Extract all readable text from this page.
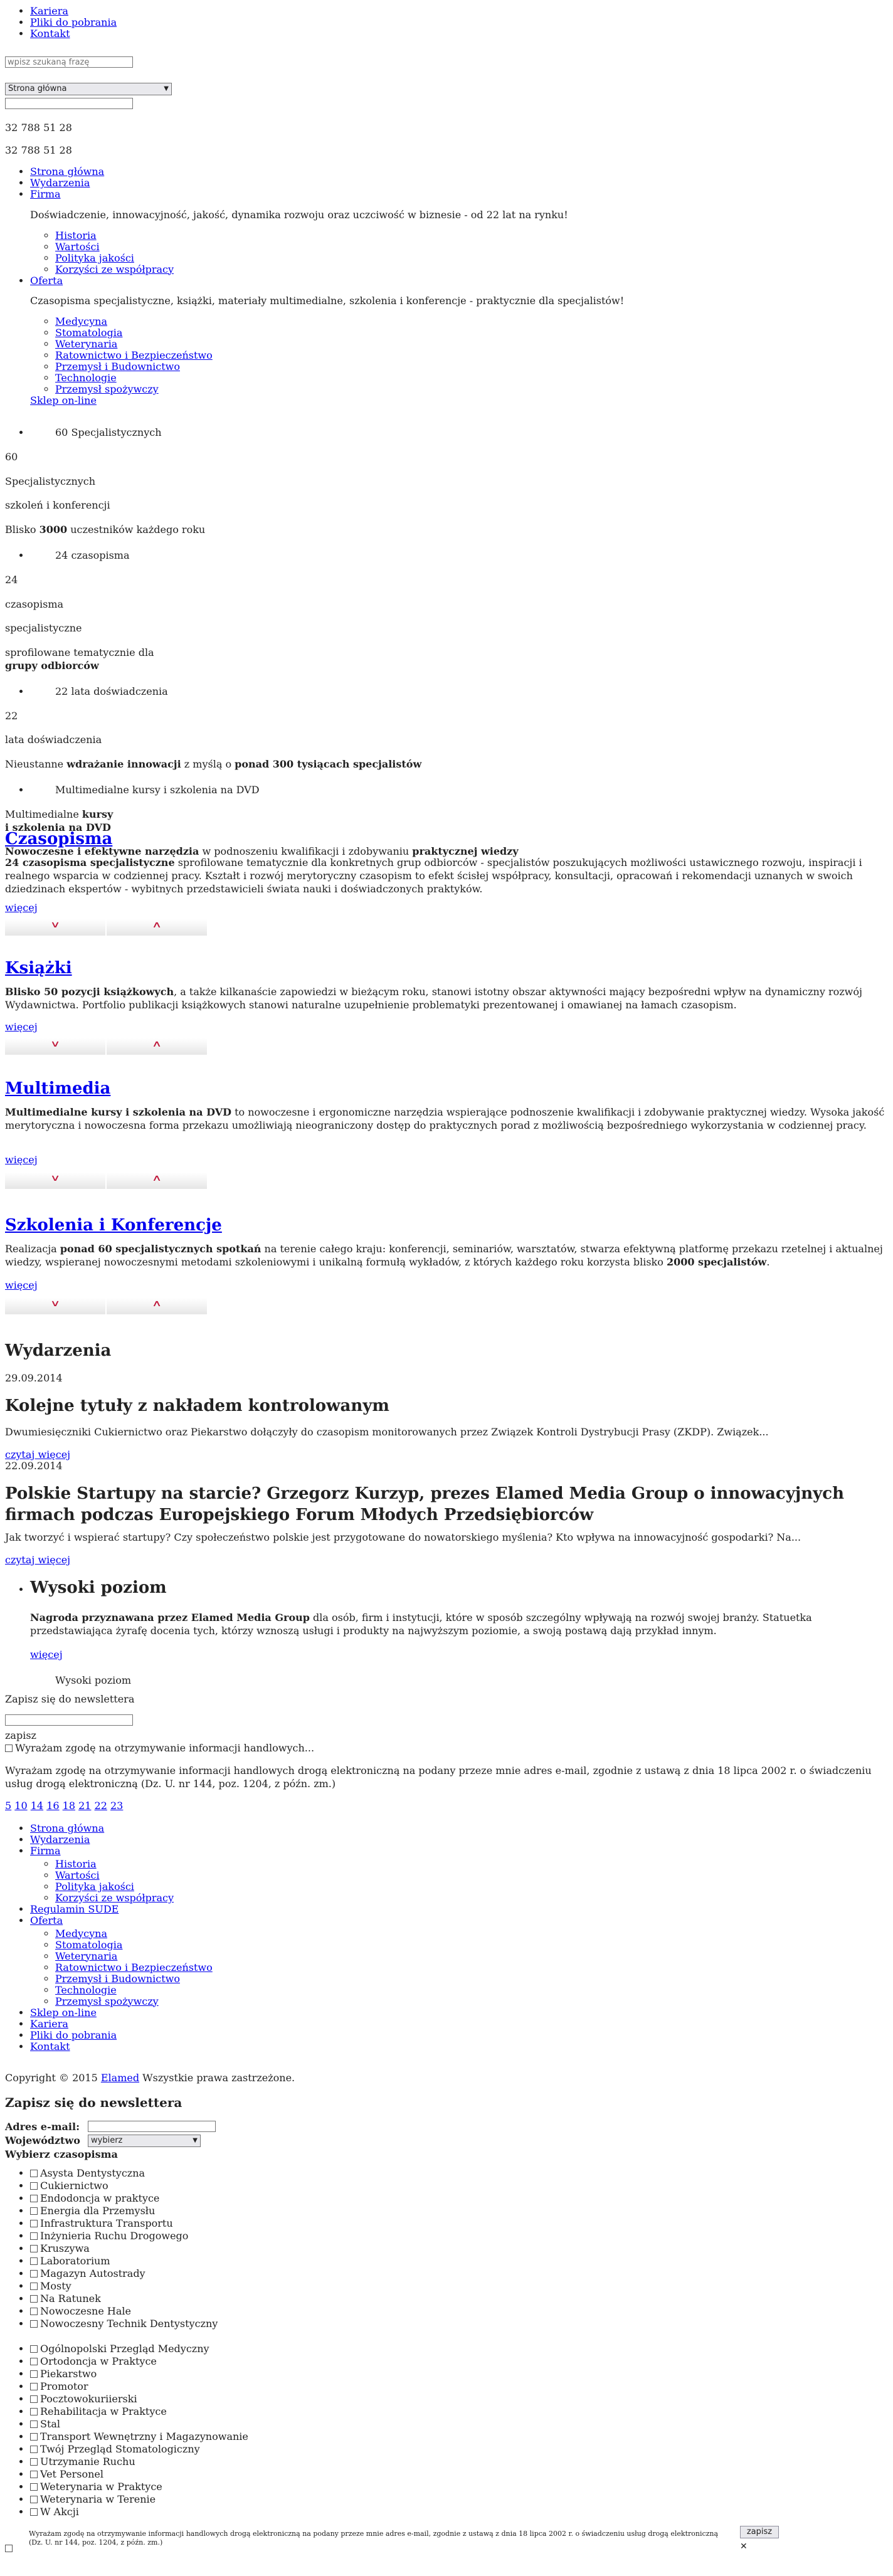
• Kariera
• Pliki do pobrania
• Kontakt
wpisz szukaną frazę
Strona główna	▼
32 788 51 28
32 788 51 28
• Strona główna
• Wydarzenia
• Firma

Doświadczenie, innowacyjność, jakość, dynamika rozwoju oraz uczciwość w biznesie - od 22 lat na rynku!

◦ Historia
◦ Wartości
◦ Polityka jakości
◦ Korzyści ze współpracy
• Oferta

Czasopisma specjalistyczne, książki, materiały multimedialne, szkolenia i konferencje - praktycznie dla specjalistów!

◦ Medycyna
◦ Stomatologia
◦ Weterynaria
◦ Ratownictwo i Bezpieczeństwo
◦ Przemysł i Budownictwo
◦ Technologie
◦ Przemysł spożywczy
Sklep on-line
• 60 Specjalistycznych
60
Specjalistycznych
szkoleń i konferencji
Blisko 3000 uczestników każdego roku
• 24 czasopisma
24
czasopisma
specjalistyczne
sprofilowane tematycznie dla
grupy odbiorców
• 22 lata doświadczenia
22
lata doświadczenia
Nieustanne wdrażanie innowacji z myślą o ponad 300 tysiącach specjalistów
• Multimedialne kursy i szkolenia na DVD
Multimedialne kursy
i szkolenia na DVD
Nowoczesne i efektywne narzędzia w podnoszeniu kwalifikacji i zdobywaniu praktycznej wiedzy
Czasopisma
24 czasopisma specjalistyczne sprofilowane tematycznie dla konkretnych grup odbiorców - specjalistów poszukujących możliwości ustawicznego rozwoju, inspiracji i realnego wsparcia w codziennej pracy. Kształt i rozwój merytoryczny czasopism to efekt ścisłej współpracy, konsultacji, opracowań i rekomendacji uznanych w swoich dziedzinach ekspertów - wybitnych przedstawicieli świata nauki i doświadczonych praktyków.
więcej
∨	∧
Książki
Blisko 50 pozycji książkowych, a także kilkanaście zapowiedzi w bieżącym roku, stanowi istotny obszar aktywności mający bezpośredni wpływ na dynamiczny rozwój Wydawnictwa. Portfolio publikacji książkowych stanowi naturalne uzupełnienie problematyki prezentowanej i omawianej na łamach czasopism.
więcej
∨	∧
Multimedia
Multimedialne kursy i szkolenia na DVD to nowoczesne i ergonomiczne narzędzia wspierające podnoszenie kwalifikacji i zdobywanie praktycznej wiedzy. Wysoka jakość merytoryczna i nowoczesna forma przekazu umożliwiają nieograniczony dostęp do praktycznych porad z możliwością bezpośredniego wykorzystania w codziennej pracy.
więcej
∨	∧
Szkolenia i Konferencje
Realizacja ponad 60 specjalistycznych spotkań na terenie całego kraju: konferencji, seminariów, warsztatów, stwarza efektywną platformę przekazu rzetelnej i aktualnej wiedzy, wspieranej nowoczesnymi metodami szkoleniowymi i unikalną formułą wykładów, z których każdego roku korzysta blisko 2000 specjalistów.
więcej
∨	∧
Wydarzenia
29.09.2014
Kolejne tytuły z nakładem kontrolowanym
Dwumiesięczniki Cukiernictwo oraz Piekarstwo dołączyły do czasopism monitorowanych przez Związek Kontroli Dystrybucji Prasy (ZKDP). Związek...
czytaj więcej
22.09.2014
Polskie Startupy na starcie? Grzegorz Kurzyp, prezes Elamed Media Group o innowacyjnych firmach podczas Europejskiego Forum Młodych Przedsiębiorców
Jak tworzyć i wspierać startupy? Czy społeczeństwo polskie jest przygotowane do nowatorskiego myślenia? Kto wpływa na innowacyjność gospodarki? Na...
czytaj więcej
• Wysoki poziom
Nagroda przyznawana przez Elamed Media Group dla osób, firm i instytucji, które w sposób szczególny wpływają na rozwój swojej branży. Statuetka przedstawiająca żyrafę docenia tych, którzy wznoszą usługi i produkty na najwyższym poziomie, a swoją postawą dają przykład innym.
więcej
Wysoki poziom
Zapisz się do newslettera
zapisz
Wyrażam zgodę na otrzymywanie informacji handlowych...
Wyrażam zgodę na otrzymywanie informacji handlowych drogą elektroniczną na podany przeze mnie adres e-mail, zgodnie z ustawą z dnia 18 lipca 2002 r. o świadczeniu usług drogą elektroniczną (Dz. U. nr 144, poz. 1204, z późn. zm.)
5 10 14 16 18 21 22 23
• Strona główna
• Wydarzenia
• Firma
◦ Historia
◦ Wartości
◦ Polityka jakości
◦ Korzyści ze współpracy
• Regulamin SUDE
• Oferta
◦ Medycyna
◦ Stomatologia
◦ Weterynaria
◦ Ratownictwo i Bezpieczeństwo
◦ Przemysł i Budownictwo
◦ Technologie
◦ Przemysł spożywczy
• Sklep on-line
• Kariera
• Pliki do pobrania
• Kontakt
Copyright © 2015 Elamed Wszystkie prawa zastrzeżone.
Zapisz się do newslettera
Adres e-mail:
Województwo	wybierz	▼
Wybierz czasopisma
• Asysta Dentystyczna
• Cukiernictwo
• Endodoncja w praktyce
• Energia dla Przemysłu
• Infrastruktura Transportu
• Inżynieria Ruchu Drogowego
• Kruszywa
• Laboratorium
• Magazyn Autostrady
• Mosty
• Na Ratunek
• Nowoczesne Hale
• Nowoczesny Technik Dentystyczny
• Ogólnopolski Przegląd Medyczny
• Ortodoncja w Praktyce
• Piekarstwo
• Promotor
• Pocztowokuriierski
• Rehabilitacja w Praktyce
• Stal
• Transport Wewnętrzny i Magazynowanie
• Twój Przegląd Stomatologiczny
• Utrzymanie Ruchu
• Vet Personel
• Weterynaria w Praktyce
• Weterynaria w Terenie
• W Akcji
Wyrażam zgodę na otrzymywanie informacji handlowych drogą elektroniczną na podany przeze mnie adres e-mail, zgodnie z ustawą z dnia 18 lipca 2002 r. o świadczeniu usług drogą elektroniczną (Dz. U. nr 144, poz. 1204, z późn. zm.)
zapisz
✕
